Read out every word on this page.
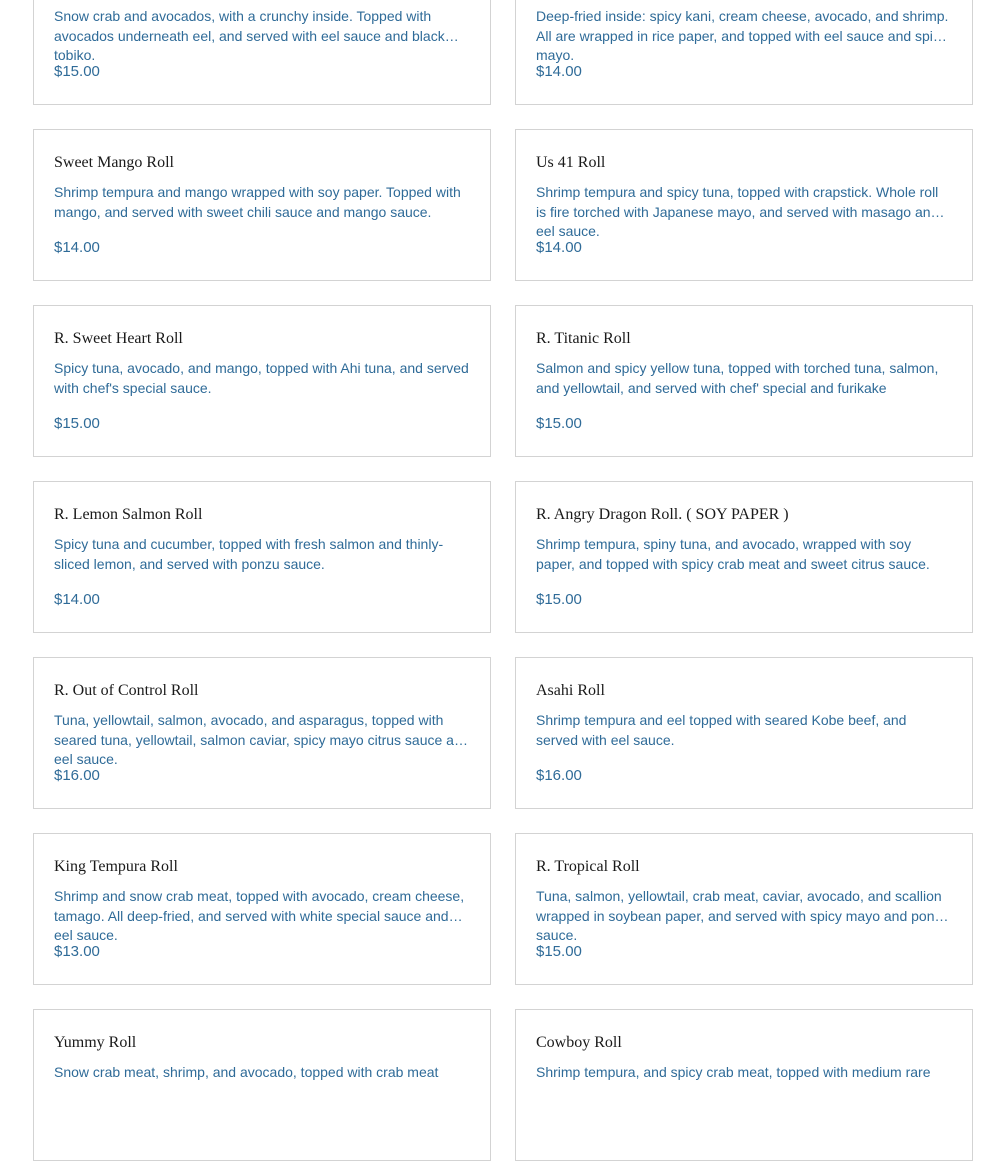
Snow crab and avocados, with a crunchy inside. Topped with avocados underneath eel, and served with eel sauce and black tobiko.

$15.00

Deep-fried inside: spicy kani, cream cheese, avocado, and shrimp. All are wrapped in rice paper, and topped with eel sauce and spicy mayo.

$14.00

Sweet Mango Roll

Shrimp tempura and mango wrapped with soy paper. Topped with mango, and served with sweet chili sauce and mango sauce.

$14.00

Us 41 Roll

Shrimp tempura and spicy tuna, topped with crapstick. Whole roll is fire torched with Japanese mayo, and served with masago and eel sauce.

$14.00

R. Sweet Heart Roll

Spicy tuna, avocado, and mango, topped with Ahi tuna, and served with chef's special sauce.

$15.00

R. Titanic Roll

Salmon and spicy yellow tuna, topped with torched tuna, salmon, and yellowtail, and served with chef' special and furikake

$15.00

R. Lemon Salmon Roll

Spicy tuna and cucumber, topped with fresh salmon and thinly-sliced lemon, and served with ponzu sauce.

$14.00

R. Angry Dragon Roll. ( SOY PAPER )

Shrimp tempura, spiny tuna, and avocado, wrapped with soy paper, and topped with spicy crab meat and sweet citrus sauce.

$15.00

R. Out of Control Roll

Tuna, yellowtail, salmon, avocado, and asparagus, topped with seared tuna, yellowtail, salmon caviar, spicy mayo citrus sauce and eel sauce.

$16.00

Asahi Roll

Shrimp tempura and eel topped with seared Kobe beef, and served with eel sauce.

$16.00

King Tempura Roll

Shrimp and snow crab meat, topped with avocado, cream cheese, tamago. All deep-fried, and served with white special sauce and eel sauce.

$13.00

R. Tropical Roll

Tuna, salmon, yellowtail, crab meat, caviar, avocado, and scallion wrapped in soybean paper, and served with spicy mayo and ponzu sauce.

$15.00

Yummy Roll

Snow crab meat, shrimp, and avocado, topped with crab meat

Cowboy Roll

Shrimp tempura, and spicy crab meat, topped with medium rare
